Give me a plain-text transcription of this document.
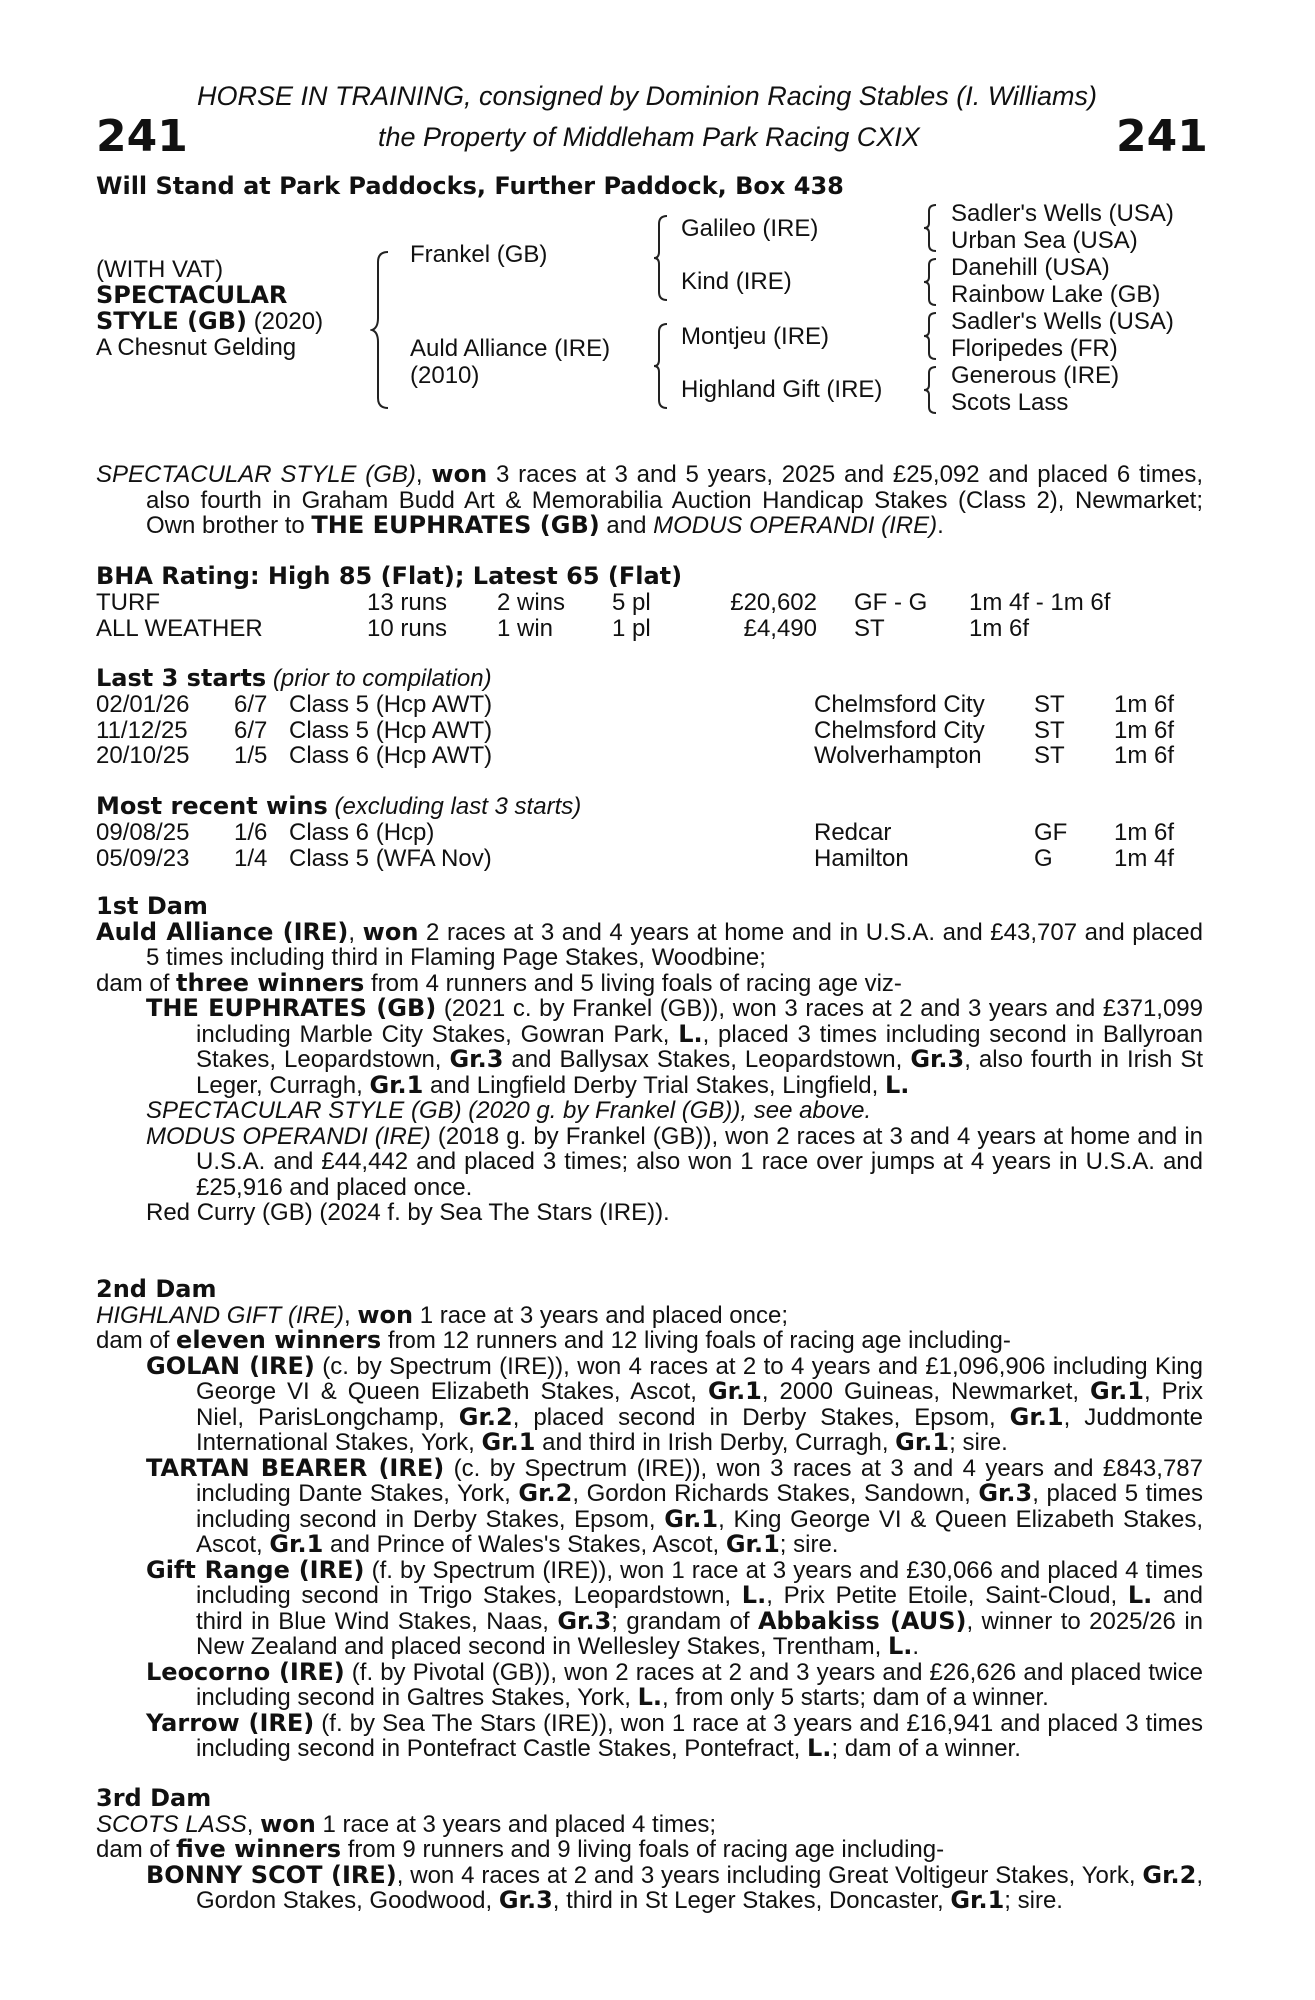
HORSE IN TRAINING, consigned by Dominion Racing Stables (I. Williams)
241	the Property of Middleham Park Racing CXIX	241
Will Stand at Park Paddocks, Further Paddock, Box 438
(WITH VAT)
SPECTACULAR
STYLE (GB) (2020)
A Chesnut Gelding
Frankel (GB)
Auld Alliance (IRE)
(2010)
Galileo (IRE)
Kind (IRE)
Montjeu (IRE)
Highland Gift (IRE)
Sadler's Wells (USA)
Urban Sea (USA)
Danehill (USA)
Rainbow Lake (GB)
Sadler's Wells (USA)
Floripedes (FR)
Generous (IRE)
Scots Lass

SPECTACULAR STYLE (GB), won 3 races at 3 and 5 years, 2025 and £25,092 and placed 6 times, also fourth in Graham Budd Art & Memorabilia Auction Handicap Stakes (Class 2), Newmarket; Own brother to THE EUPHRATES (GB) and MODUS OPERANDI (IRE).

BHA Rating: High 85 (Flat); Latest 65 (Flat)
TURF	13 runs	2 wins	5 pl	£20,602		GF - G	1m 4f - 1m 6f
ALL WEATHER	10 runs	1 win	1 pl	£4,490		ST	1m 6f
Last 3 starts (prior to compilation)
02/01/26	6/7	Class 5 (Hcp AWT)	Chelmsford City	ST	1m 6f
11/12/25	6/7	Class 5 (Hcp AWT)	Chelmsford City	ST	1m 6f
20/10/25	1/5	Class 6 (Hcp AWT)	Wolverhampton	ST	1m 6f
Most recent wins (excluding last 3 starts)
09/08/25	1/6	Class 6 (Hcp)	Redcar	GF	1m 6f
05/09/23	1/4	Class 5 (WFA Nov)	Hamilton	G	1m 4f

1st Dam

Auld Alliance (IRE), won 2 races at 3 and 4 years at home and in U.S.A. and £43,707 and placed 5 times including third in Flaming Page Stakes, Woodbine;

dam of three winners from 4 runners and 5 living foals of racing age viz-

THE EUPHRATES (GB) (2021 c. by Frankel (GB)), won 3 races at 2 and 3 years and £371,099 including Marble City Stakes, Gowran Park, L., placed 3 times including second in Ballyroan Stakes, Leopardstown, Gr.3 and Ballysax Stakes, Leopardstown, Gr.3, also fourth in Irish St Leger, Curragh, Gr.1 and Lingfield Derby Trial Stakes, Lingfield, L.

SPECTACULAR STYLE (GB) (2020 g. by Frankel (GB)), see above.

MODUS OPERANDI (IRE) (2018 g. by Frankel (GB)), won 2 races at 3 and 4 years at home and in U.S.A. and £44,442 and placed 3 times; also won 1 race over jumps at 4 years in U.S.A. and £25,916 and placed once.

Red Curry (GB) (2024 f. by Sea The Stars (IRE)).

2nd Dam

HIGHLAND GIFT (IRE), won 1 race at 3 years and placed once;

dam of eleven winners from 12 runners and 12 living foals of racing age including-

GOLAN (IRE) (c. by Spectrum (IRE)), won 4 races at 2 to 4 years and £1,096,906 including King George VI & Queen Elizabeth Stakes, Ascot, Gr.1, 2000 Guineas, Newmarket, Gr.1, Prix Niel, ParisLongchamp, Gr.2, placed second in Derby Stakes, Epsom, Gr.1, Juddmonte International Stakes, York, Gr.1 and third in Irish Derby, Curragh, Gr.1; sire.

TARTAN BEARER (IRE) (c. by Spectrum (IRE)), won 3 races at 3 and 4 years and £843,787 including Dante Stakes, York, Gr.2, Gordon Richards Stakes, Sandown, Gr.3, placed 5 times including second in Derby Stakes, Epsom, Gr.1, King George VI & Queen Elizabeth Stakes, Ascot, Gr.1 and Prince of Wales's Stakes, Ascot, Gr.1; sire.

Gift Range (IRE) (f. by Spectrum (IRE)), won 1 race at 3 years and £30,066 and placed 4 times including second in Trigo Stakes, Leopardstown, L., Prix Petite Etoile, Saint-Cloud, L. and third in Blue Wind Stakes, Naas, Gr.3; grandam of Abbakiss (AUS), winner to 2025/26 in New Zealand and placed second in Wellesley Stakes, Trentham, L..

Leocorno (IRE) (f. by Pivotal (GB)), won 2 races at 2 and 3 years and £26,626 and placed twice including second in Galtres Stakes, York, L., from only 5 starts; dam of a winner.

Yarrow (IRE) (f. by Sea The Stars (IRE)), won 1 race at 3 years and £16,941 and placed 3 times including second in Pontefract Castle Stakes, Pontefract, L.; dam of a winner.

3rd Dam

SCOTS LASS, won 1 race at 3 years and placed 4 times;

dam of five winners from 9 runners and 9 living foals of racing age including-

BONNY SCOT (IRE), won 4 races at 2 and 3 years including Great Voltigeur Stakes, York, Gr.2, Gordon Stakes, Goodwood, Gr.3, third in St Leger Stakes, Doncaster, Gr.1; sire.
